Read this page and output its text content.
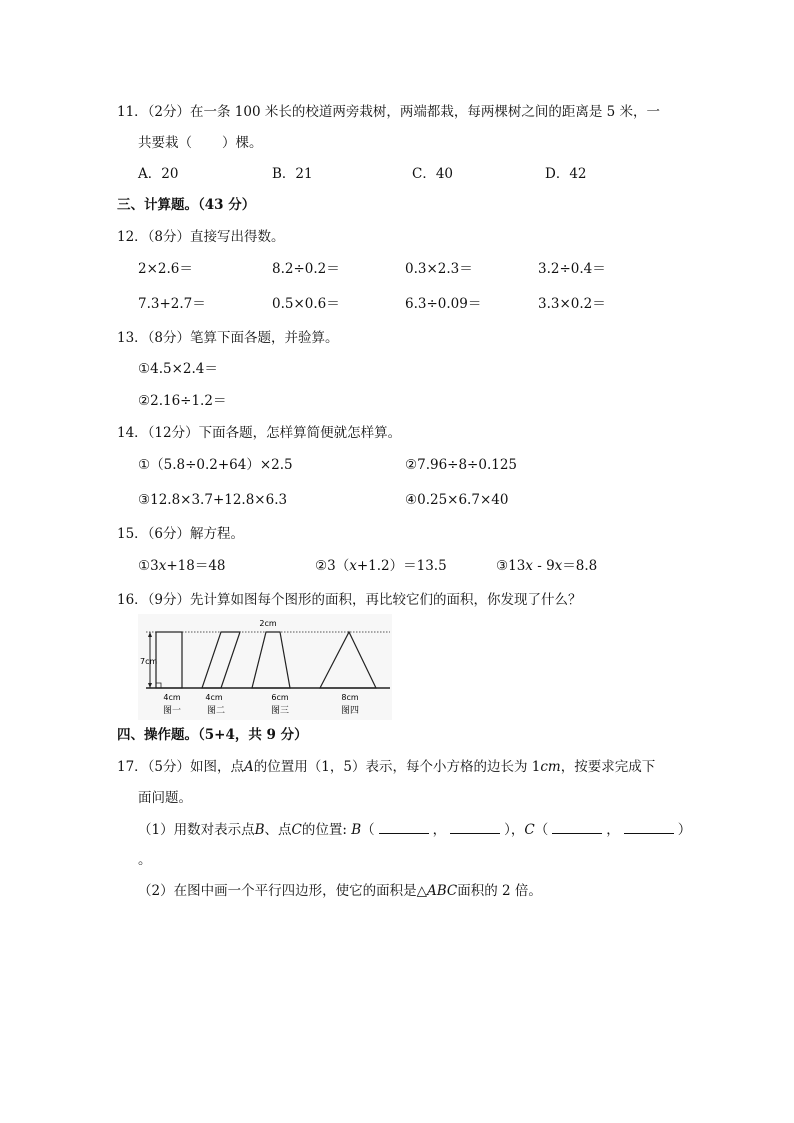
11．（2分）在一条 100 米长的校道两旁栽树，两端都栽，每两棵树之间的距离是 5 米，一
共要栽（ ）棵。
A．20	B．21	C．40	D．42
三、计算题。（43 分）
12．（8分）直接写出得数。
2×2.6＝	8.2÷0.2＝	0.3×2.3＝	3.2÷0.4＝
7.3+2.7＝	0.5×0.6＝	6.3÷0.09＝	3.3×0.2＝
13．（8分）笔算下面各题，并验算。
①4.5×2.4＝
②2.16÷1.2＝
14．（12分）下面各题，怎样算简便就怎样算。
①（5.8÷0.2+64）×2.5	②7.96÷8÷0.125
③12.8×3.7+12.8×6.3	④0.25×6.7×40
15．（6分）解方程。
①3x+18＝48	②3（x+1.2）＝13.5	③13x - 9x＝8.8
16．（9分）先计算如图每个图形的面积，再比较它们的面积，你发现了什么？
2cm
7cm
4cm	4cm	6cm	8cm
图一	图二	图三	图四
四、操作题。（5+4，共 9 分）
17．（5分）如图，点A的位置用（1，5）表示，每个小方格的边长为 1cm，按要求完成下
面问题。
（1）用数对表示点B、点C的位置: B（	，	），C（	，	）
。
（2）在图中画一个平行四边形，使它的面积是△ABC面积的 2 倍。
